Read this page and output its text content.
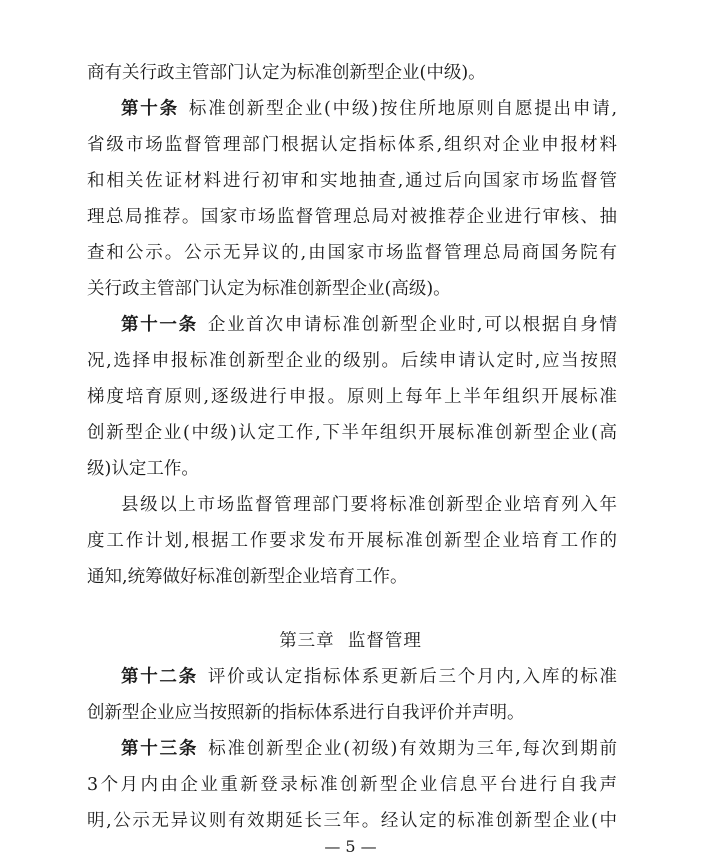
商有关行政主管部门认定为标准创新型企业(中级)。
第十条 标准创新型企业(中级)按住所地原则自愿提出申请,
省级市场监督管理部门根据认定指标体系,组织对企业申报材料
和相关佐证材料进行初审和实地抽查,通过后向国家市场监督管
理总局推荐。国家市场监督管理总局对被推荐企业进行审核、抽
查和公示。公示无异议的,由国家市场监督管理总局商国务院有
关行政主管部门认定为标准创新型企业(高级)。
第十一条 企业首次申请标准创新型企业时,可以根据自身情
况,选择申报标准创新型企业的级别。后续申请认定时,应当按照
梯度培育原则,逐级进行申报。原则上每年上半年组织开展标准
创新型企业(中级)认定工作,下半年组织开展标准创新型企业(高
级)认定工作。
县级以上市场监督管理部门要将标准创新型企业培育列入年
度工作计划,根据工作要求发布开展标准创新型企业培育工作的
通知,统筹做好标准创新型企业培育工作。
第三章  监督管理
第十二条 评价或认定指标体系更新后三个月内,入库的标准
创新型企业应当按照新的指标体系进行自我评价并声明。
第十三条 标准创新型企业(初级)有效期为三年,每次到期前
3个月内由企业重新登录标准创新型企业信息平台进行自我声
明,公示无异议则有效期延长三年。经认定的标准创新型企业(中
— 5 —
